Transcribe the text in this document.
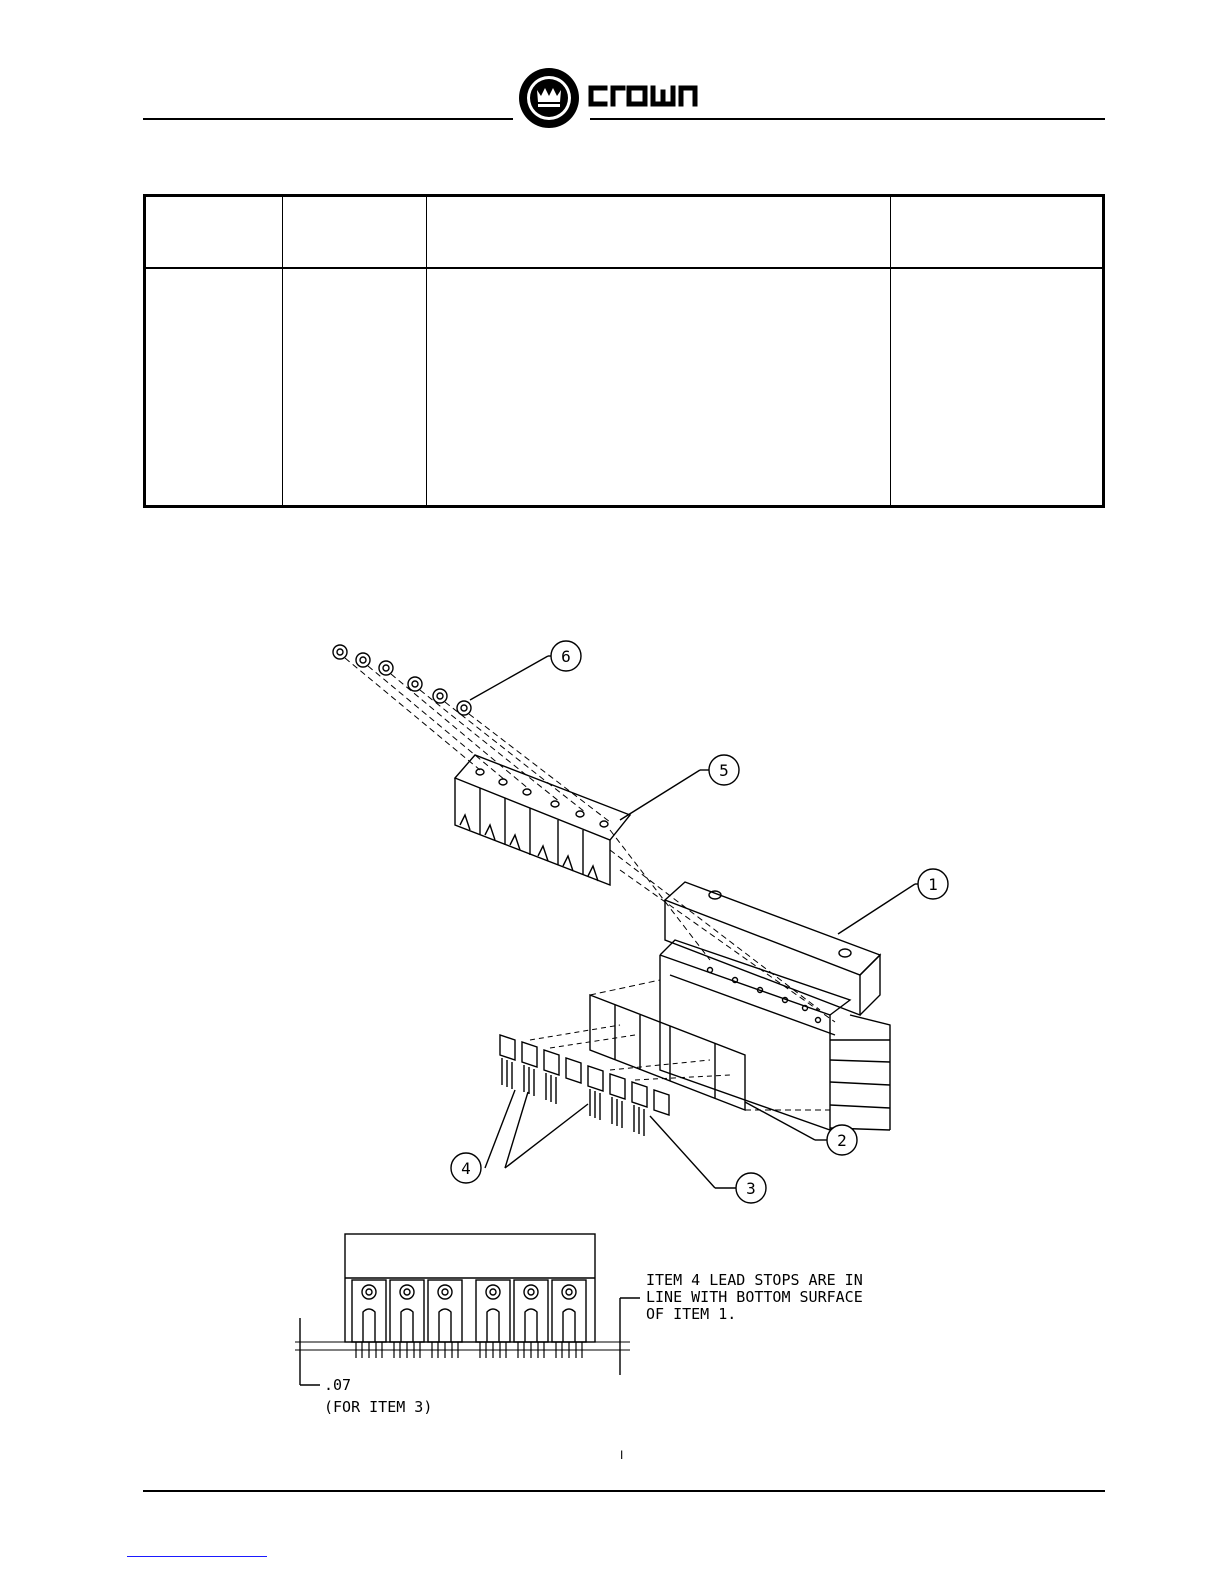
6
5
1
2
3
4
ITEM 4 LEAD STOPS ARE IN
LINE WITH BOTTOM SURFACE
OF ITEM 1.
.07
(FOR ITEM 3)
I
